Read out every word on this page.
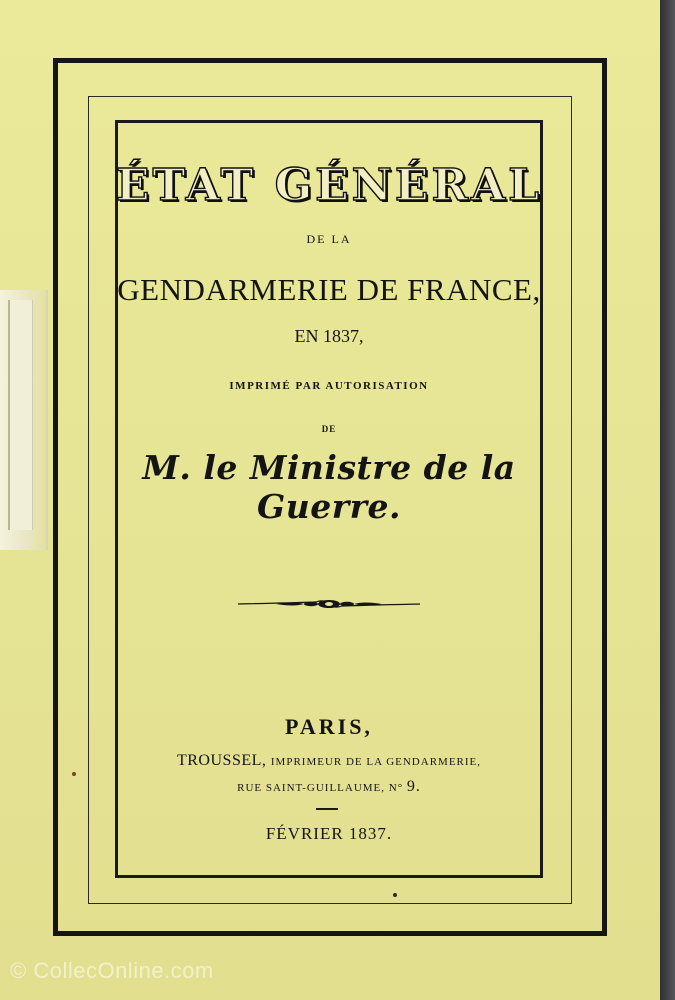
ÉTAT GÉNÉRAL
DE LA
GENDARMERIE DE FRANCE,
EN 1837,
IMPRIMÉ PAR AUTORISATION
DE
M. le Ministre de la Guerre.
PARIS,
TROUSSEL, IMPRIMEUR DE LA GENDARMERIE,
RUE SAINT-GUILLAUME, N° 9.
FÉVRIER 1837.
© CollecOnline.com
